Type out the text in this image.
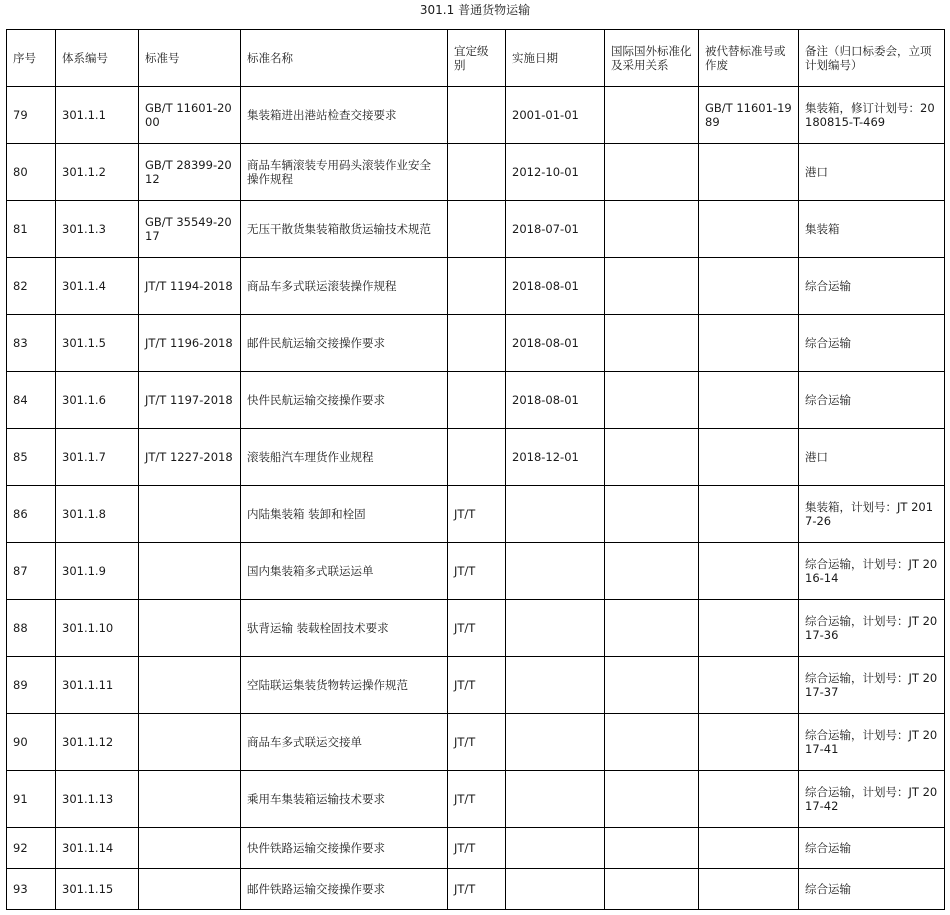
301.1 普通货物运输
序号	体系编号	标准号	标准名称	宜定级别	实施日期	国际国外标准化及采用关系	被代替标准号或作废	备注（归口标委会，立项计划编号）
79	301.1.1	GB/T 11601-2000	集装箱进出港站检查交接要求		2001-01-01		GB/T 11601-1989	集装箱，修订计划号：20180815-T-469
80	301.1.2	GB/T 28399-2012	商品车辆滚装专用码头滚装作业安全操作规程		2012-10-01			港口
81	301.1.3	GB/T 35549-2017	无压干散货集装箱散货运输技术规范		2018-07-01			集装箱
82	301.1.4	JT/T 1194-2018	商品车多式联运滚装操作规程		2018-08-01			综合运输
83	301.1.5	JT/T 1196-2018	邮件民航运输交接操作要求		2018-08-01			综合运输
84	301.1.6	JT/T 1197-2018	快件民航运输交接操作要求		2018-08-01			综合运输
85	301.1.7	JT/T 1227-2018	滚装船汽车理货作业规程		2018-12-01			港口
86	301.1.8		内陆集装箱 装卸和栓固	JT/T				集装箱，计划号：JT 2017-26
87	301.1.9		国内集装箱多式联运运单	JT/T				综合运输，计划号：JT 2016-14
88	301.1.10		驮背运输 装载栓固技术要求	JT/T				综合运输，计划号：JT 2017-36
89	301.1.11		空陆联运集装货物转运操作规范	JT/T				综合运输，计划号：JT 2017-37
90	301.1.12		商品车多式联运交接单	JT/T				综合运输，计划号：JT 2017-41
91	301.1.13		乘用车集装箱运输技术要求	JT/T				综合运输，计划号：JT 2017-42
92	301.1.14		快件铁路运输交接操作要求	JT/T				综合运输
93	301.1.15		邮件铁路运输交接操作要求	JT/T				综合运输
